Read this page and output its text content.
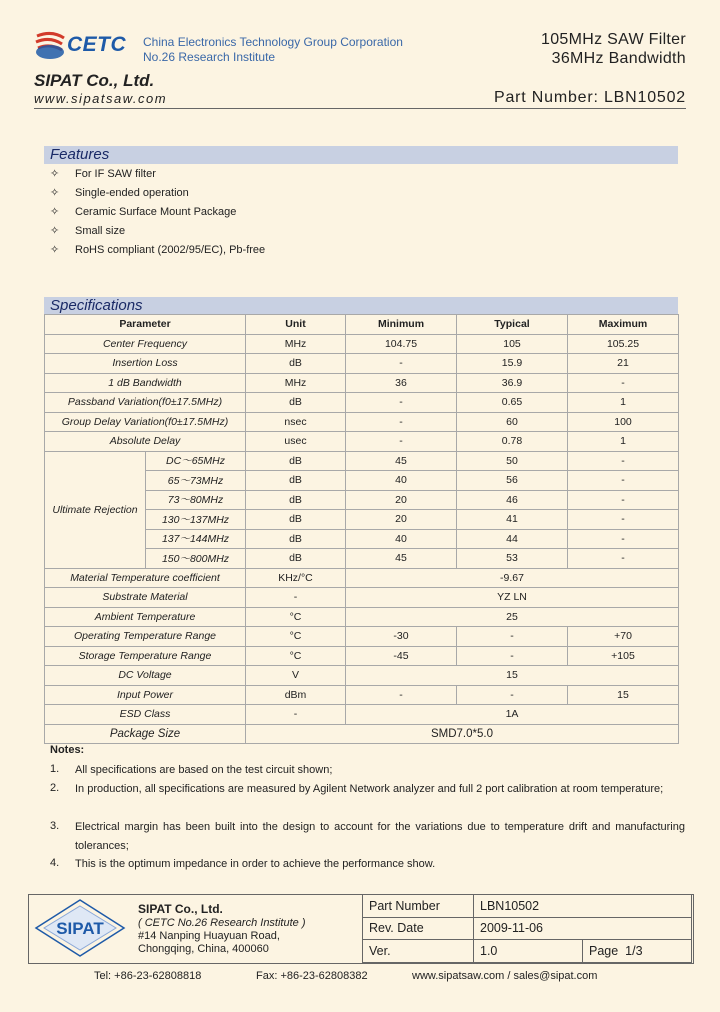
CETC China Electronics Technology Group Corporation
No.26 Research Institute
105MHz SAW Filter
36MHz Bandwidth
SIPAT Co., Ltd.
www.sipatsaw.com	Part Number: LBN10502
Features
✧ For IF SAW filter
✧ Single-ended operation
✧ Ceramic Surface Mount Package
✧ Small size
✧ RoHS compliant (2002/95/EC), Pb-free
Specifications
Parameter		Unit	Minimum	Typical	Maximum
Center Frequency		MHz	104.75	105	105.25
Insertion Loss		dB	-	15.9	21
1 dB Bandwidth		MHz	36	36.9	-
Passband Variation(f0±17.5MHz)		dB	-	0.65	1
Group Delay Variation(f0±17.5MHz)		nsec	-	60	100
Absolute Delay		usec	-	0.78	1
Ultimate Rejection	DC～65MHz	dB	45	50	-
	65～73MHz	dB	40	56	-
	73～80MHz	dB	20	46	-
	130～137MHz	dB	20	41	-
	137～144MHz	dB	40	44	-
	150～800MHz	dB	45	53	-
Material Temperature coefficient		KHz/°C	-9.67		
Substrate Material		-	YZ LN		
Ambient Temperature		°C	25		
Operating Temperature Range		°C	-30	-	+70
Storage Temperature Range		°C	-45	-	+105
DC Voltage		V	15		
Input Power		dBm	-	-	15
ESD Class		-	1A		
Package Size		SMD7.0*5.0			
Notes:
1. All specifications are based on the test circuit shown;
2. In production, all specifications are measured by Agilent Network analyzer and full 2 port calibration at room temperature;
3. Electrical margin has been built into the design to account for the variations due to temperature drift and manufacturing tolerances;
4. This is the optimum impedance in order to achieve the performance show.
SIPAT
SIPAT Co., Ltd.
( CETC No.26 Research Institute )
#14 Nanping Huayuan Road,
Chongqing, China, 400060
Part Number	LBN10502	
Rev. Date	2009-11-06	
Ver.	1.0	Page 1/3
Tel: +86-23-62808818	Fax: +86-23-62808382	www.sipatsaw.com / sales@sipat.com
